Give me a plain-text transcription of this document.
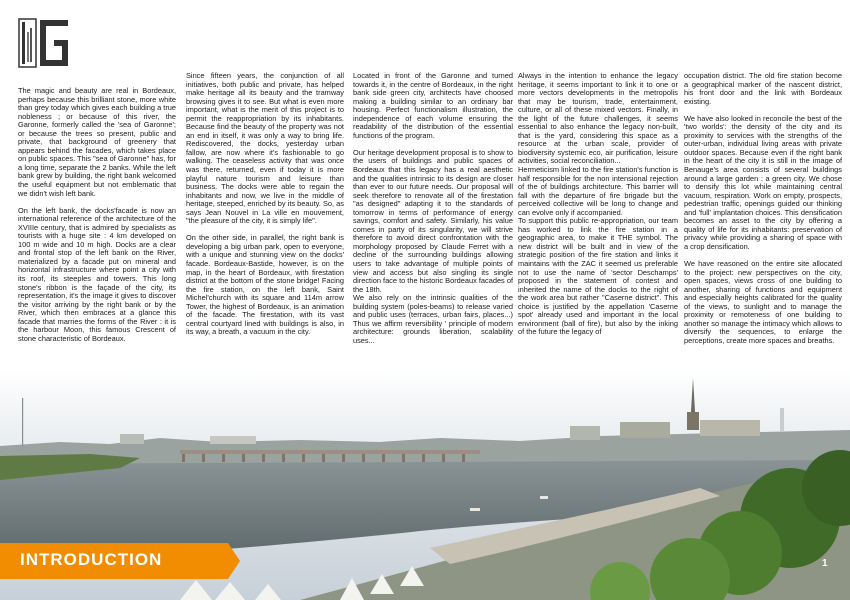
The magic and beauty are real in Bordeaux, perhaps because this brilliant stone, more white than grey today which gives each building a true nobleness ; or because of this river, the Garonne, formerly called the 'sea of Garonne'; or because the trees so present, public and private, that background of greenery that appears behind the facades, which takes place on public spaces. This "sea of Garonne" has, for a long time, separate the 2 banks. While the left bank grew by building, the right bank welcomed the useful equipment but not emblematic that we didn't wish left bank.

On the left bank, the docks'facade is now an international reference of the architecture of the XVIIIe century, that is admired by specialists as tourists with a huge site : 4 km developed on 100 m wide and 10 m high. Docks are a clear and frontal stop of the left bank on the River, materialized by a facade put on mineral and horizontal infrastructure where point a city with its roof, its steeples and towers. This long stone's ribbon is the façade of the city, its representation, it's the image it gives to discover the visitor arriving by the right bank or by the River, which then embraces at a glance this facade that marries the forms of the River : it is the harbour Moon, this famous Crescent of stone characteristic of Bordeaux.

Since fifteen years, the conjunction of all initiatives, both public and private, has helped make heritage all its beauty and the tramway browsing gives it to see. But what is even more important, what is the merit of this project is to permit the reappropriation by its inhabitants. Because find the beauty of the property was not an end in itself, it was only a way to bring life. Rediscovered, the docks, yesterday urban fallow, are now where it's fashionable to go walking. The ceaseless activity that was once was there, returned, even if today it is more playful nature tourism and leisure than business. The docks were able to regain the inhabitants and now, we live in the middle of heritage, steeped, enriched by its beauty. So, as says Jean Nouvel in La ville en mouvement, "the pleasure of the city, it is simply life".

On the other side, in parallel, the right bank is developing a big urban park, open to everyone, with a unique and stunning view on the docks' facade. Bordeaux-Bastide, however, is on the map, in the heart of Bordeaux, with firestation district at the bottom of the stone bridge! Facing the fire station, on the left bank, Saint Michel'church with its square and 114m arrow Tower, the highest of Bordeaux, is an animation of the facade. The firestation, with its vast central courtyard lined with buildings is also, in its way, a breath, a vacuum in the city.

Located in front of the Garonne and turned towards it, in the centre of Bordeaux, in the right bank side green city, architects have choosed making a building similar to an ordinary bar housing. Perfect functionalism illustration, the independence of each volume ensuring the readability of the distribution of the essential functions of the program.

Our heritage development proposal is to show to the users of buildings and public spaces of Bordeaux that this legacy has a real aesthetic and the qualities intrinsic to its design are closer than ever to our future needs. Our proposal will seek therefore to renovate all of the firestation "as designed" adapting it to the standards of tomorrow in terms of performance of energy savings, comfort and safety. Similarly, his value comes in party of its singularity, we will strive therefore to avoid direct confrontation with the morphology proposed by Claude Ferret with a decline of the surrounding buildings allowing users to take advantage of multiple points of view and access but also singling its single direction face to the historic Bordeaux facades of the 18th.
We also rely on the intrinsic qualities of the building system (poles-beams) to release varied and public uses (terraces, urban fairs, places...) Thus we affirm reversibility ' principle of modern architecture: grounds liberation, scalability uses...

Always in the intention to enhance the legacy heritage, it seems important to link it to one or more vectors developments in the metropolis that may be tourism, trade, entertainment, culture, or all of these mixed vectors. Finally, in the light of the future challenges, it seems essential to also enhance the legacy non-built, that is the yard, considering this space as a resource at the urban scale, provider of biodiversity systemic eco, air purification, leisure activities, social reconciliation...
Hermeticism linked to the fire station's function is half responsible for the non intensional rejection of the of buildings architecture. This barrier will fall with the departure of fire brigade but the perceived collective will be long to change and can evolve only if accompanied.
To support this public re-appropriation, our team has worked to link the fire station in a geographic area, to make it THE symbol. The new district will be built and in view of the strategic position of the fire station and links it maintains with the ZAC it seemed us preferable not to use the name of 'sector Deschamps' proposed in the statement of contest and inherited the name of the docks to the right of the work area but rather "Caserne district". This choice is justified by the appellation 'Caserne spot' already used and important in the local environment (ball of fire), but also by the inking of the future the legacy of

occupation district. The old fire station become a geographical marker of the nascent district, his front door and the link with Bordeaux existing.

We have also looked in reconcile the best of the 'two worlds': the density of the city and its proximity to services with the strengths of the outer-urban, individual living areas with private outdoor spaces. Because even if the right bank in the heart of the city it is still in the image of Benauge's area consists of several buildings around a large garden : a green city. We chose to densify this lot while maintaining central vacuum, respiration. Work on empty, prospects, pedestrian traffic, openings guided our thinking and 'full' implantation choices. This densification becomes an asset to the city by offering a quality of life for its inhabitants: preservation of privacy while providing a sharing of space with a crop densification.

We have reasoned on the entire site allocated to the project: new perspectives on the city, open spaces, views cross of one building to another, sharing of functions and equipment and especially heights calibrated for the quality of the views, to sunlight and to manage the proximity or remoteness of one building to another so manage the intimacy which allows to diversify the sequences, to enlarge the perceptions, create more spaces and breaths.

INTRODUCTION	1
